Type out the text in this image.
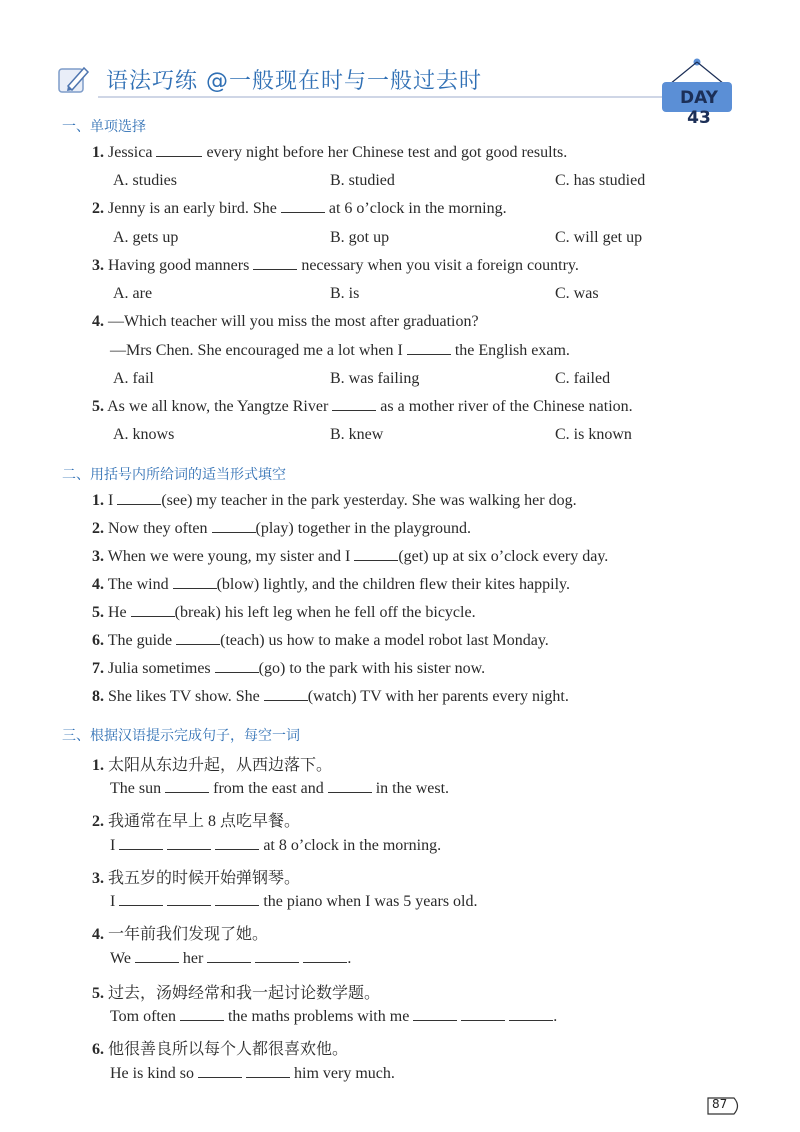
语法巧练 @一般现在时与一般过去时
DAY 43
一、单项选择
1. Jessica	every night before her Chinese test and got good results.
A. studies	B. studied	C. has studied
2. Jenny is an early bird. She	at 6 o’clock in the morning.
A. gets up	B. got up	C. will get up
3. Having good manners	necessary when you visit a foreign country.
A. are	B. is	C. was
4. —Which teacher will you miss the most after graduation?
—Mrs Chen. She encouraged me a lot when I	the English exam.
A. fail	B. was failing	C. failed
5. As we all know, the Yangtze River	as a mother river of the Chinese nation.
A. knows	B. knew	C. is known
二、用括号内所给词的适当形式填空
1. I	(see) my teacher in the park yesterday. She was walking her dog.
2. Now they often	(play) together in the playground.
3. When we were young, my sister and I	(get) up at six o’clock every day.
4. The wind	(blow) lightly, and the children flew their kites happily.
5. He	(break) his left leg when he fell off the bicycle.
6. The guide	(teach) us how to make a model robot last Monday.
7. Julia sometimes	(go) to the park with his sister now.
8. She likes TV show. She	(watch) TV with her parents every night.
三、根据汉语提示完成句子，每空一词
1. 太阳从东边升起，从西边落下。
The sun	from the east and	in the west.
2. 我通常在早上 8 点吃早餐。
I	at 8 o’clock in the morning.
3. 我五岁的时候开始弹钢琴。
I	the piano when I was 5 years old.
4. 一年前我们发现了她。
We	her	.
5. 过去，汤姆经常和我一起讨论数学题。
Tom often	the maths problems with me	.
6. 他很善良所以每个人都很喜欢他。
He is kind so	him very much.
87
